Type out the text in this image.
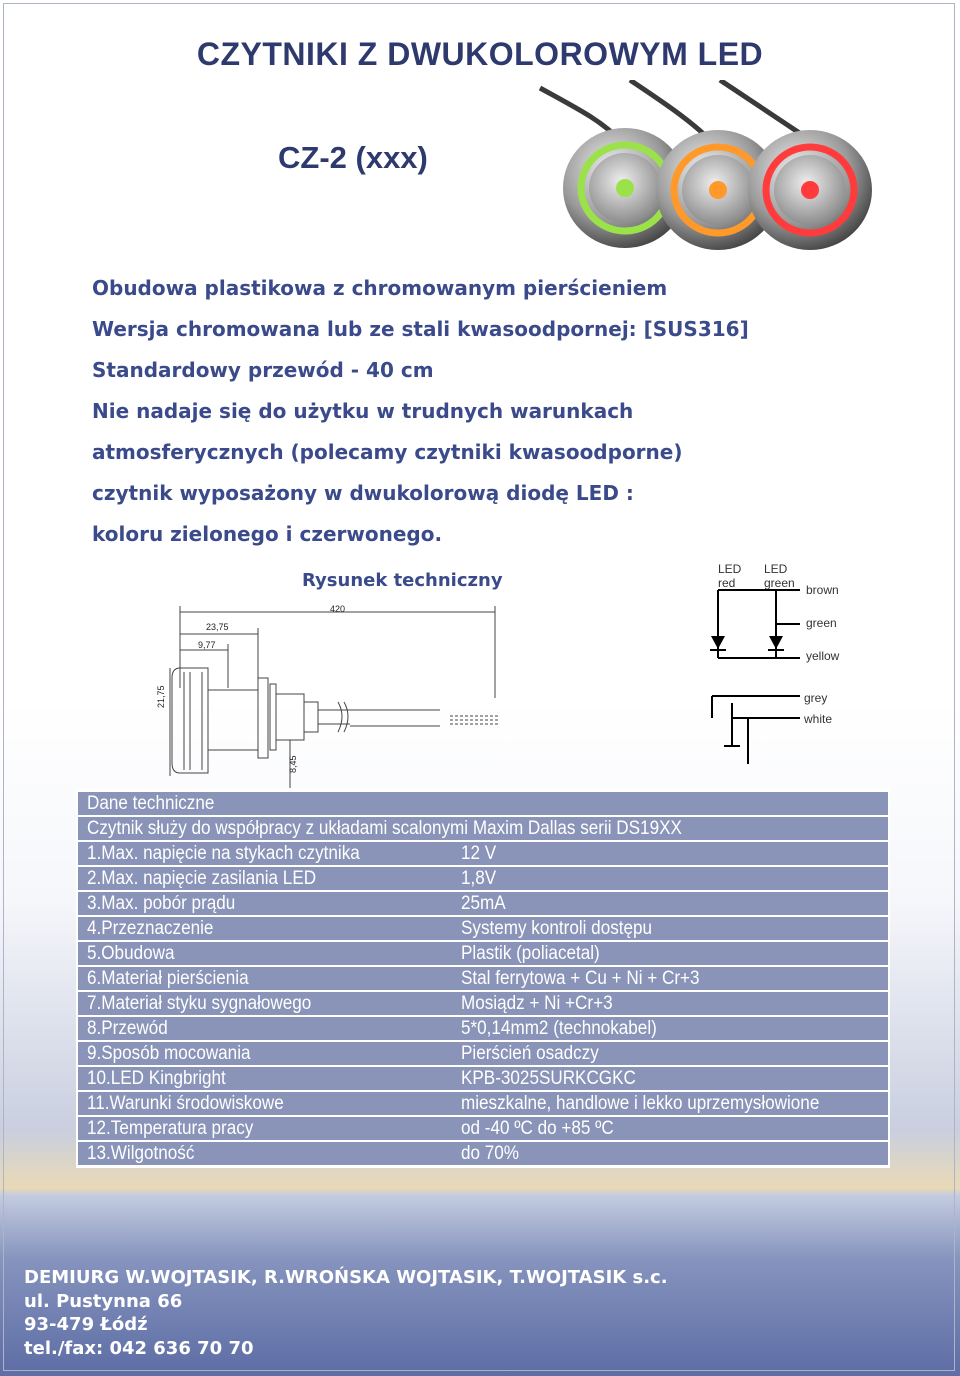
CZYTNIKI Z DWUKOLOROWYM LED
CZ-2 (xxx)
Obudowa plastikowa z chromowanym pierścieniem
Wersja chromowana lub ze stali kwasoodpornej: [SUS316]
Standardowy przewód - 40 cm
Nie nadaje się do użytku w trudnych warunkach
atmosferycznych (polecamy czytniki kwasoodporne)
czytnik wyposażony w dwukolorową diodę LED :
koloru zielonego i czerwonego.
Rysunek techniczny
23,75
9,77
420
21,75
8,45
LED
red
LED
green brown
green
yellow
grey
white
Dane techniczne
Czytnik służy do współpracy z układami scalonymi Maxim Dallas serii DS19XX
1.Max. napięcie na stykach czytnika	12 V
2.Max. napięcie zasilania LED	1,8V
3.Max. pobór prądu	25mA
4.Przeznaczenie	Systemy kontroli dostępu
5.Obudowa	Plastik (poliacetal)
6.Materiał pierścienia	Stal ferrytowa + Cu + Ni + Cr+3
7.Materiał styku sygnałowego	Mosiądz + Ni +Cr+3
8.Przewód	5*0,14mm2 (technokabel)
9.Sposób mocowania	Pierścień osadczy
10.LED Kingbright	KPB-3025SURKCGKC
11.Warunki środowiskowe	mieszkalne, handlowe i lekko uprzemysłowione
12.Temperatura pracy	od -40 ºC do +85 ºC
13.Wilgotność	do 70%
DEMIURG W.WOJTASIK, R.WROŃSKA WOJTASIK, T.WOJTASIK s.c.
ul. Pustynna 66
93-479 Łódź
tel./fax: 042 636 70 70
